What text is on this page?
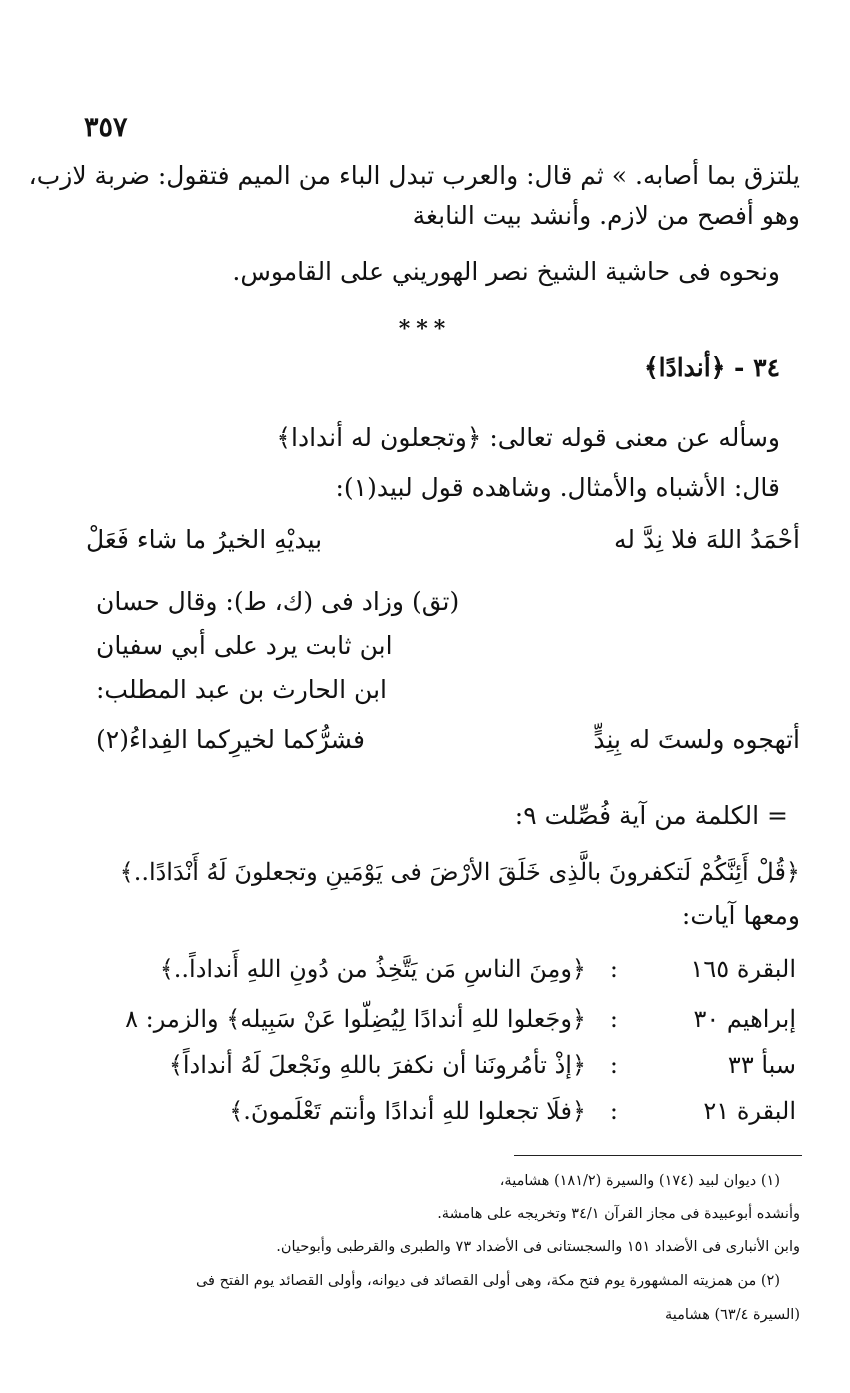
٣٥٧
يلتزق بما أصابه. » ثم قال: والعرب تبدل الباء من الميم فتقول: ضربة لازب،
وهو أفصح من لازم. وأنشد بيت النابغة
ونحوه فى حاشية الشيخ نصر الهوريني على القاموس.
***
٣٤ - ﴿أندادًا﴾
وسأله عن معنى قوله تعالى: ﴿وتجعلون له أندادا﴾
قال: الأشباه والأمثال. وشاهده قول لبيد(١):
أحْمَدُ اللهَ فلا نِدَّ له
بيديْهِ الخيرُ ما شاء فَعَلْ
(تق) وزاد فى (ك، ط): وقال حسان
ابن ثابت يرد على أبي سفيان
ابن الحارث بن عبد المطلب:
أتهجوه ولستَ له بِنِدٍّ
فشرُّكما لخيرِكما الفِداءُ(٢)
= الكلمة من آية فُصِّلت ٩:
﴿قُلْ أَئِنَّكُمْ لَتكفرونَ بالَّذِى خَلَقَ الأرْضَ فى يَوْمَينِ وتجعلونَ لَهُ أَنْدَادًا..﴾
ومعها آيات:
البقرة ١٦٥
:
﴿ومِنَ الناسِ مَن يَتَّخِذُ من دُونِ اللهِ أَنداداً..﴾
إبراهيم ٣٠
:
﴿وجَعلوا للهِ أندادًا لِيُضِلّوا عَنْ سَبِيله﴾ والزمر: ٨
سبأ ٣٣
:
﴿إذْ تأمُرونَنا أن نكفرَ باللهِ ونَجْعلَ لَهُ أنداداً﴾
البقرة ٢١
:
﴿فلَا تجعلوا للهِ أندادًا وأنتم تَعْلَمونَ.﴾
(١) ديوان لبيد (١٧٤) والسيرة (١٨١/٢) هشامية،
وأنشده أبوعبيدة فى مجاز القرآن ٣٤/١ وتخريجه على هامشة.
وابن الأنبارى فى الأضداد ١٥١ والسجستانى فى الأضداد ٧٣ والطبرى والقرطبى وأبوحيان.
(٢) من همزيته المشهورة يوم فتح مكة، وهى أولى القصائد فى ديوانه، وأولى القصائد يوم الفتح فى
(السيرة ٦٣/٤) هشامية
